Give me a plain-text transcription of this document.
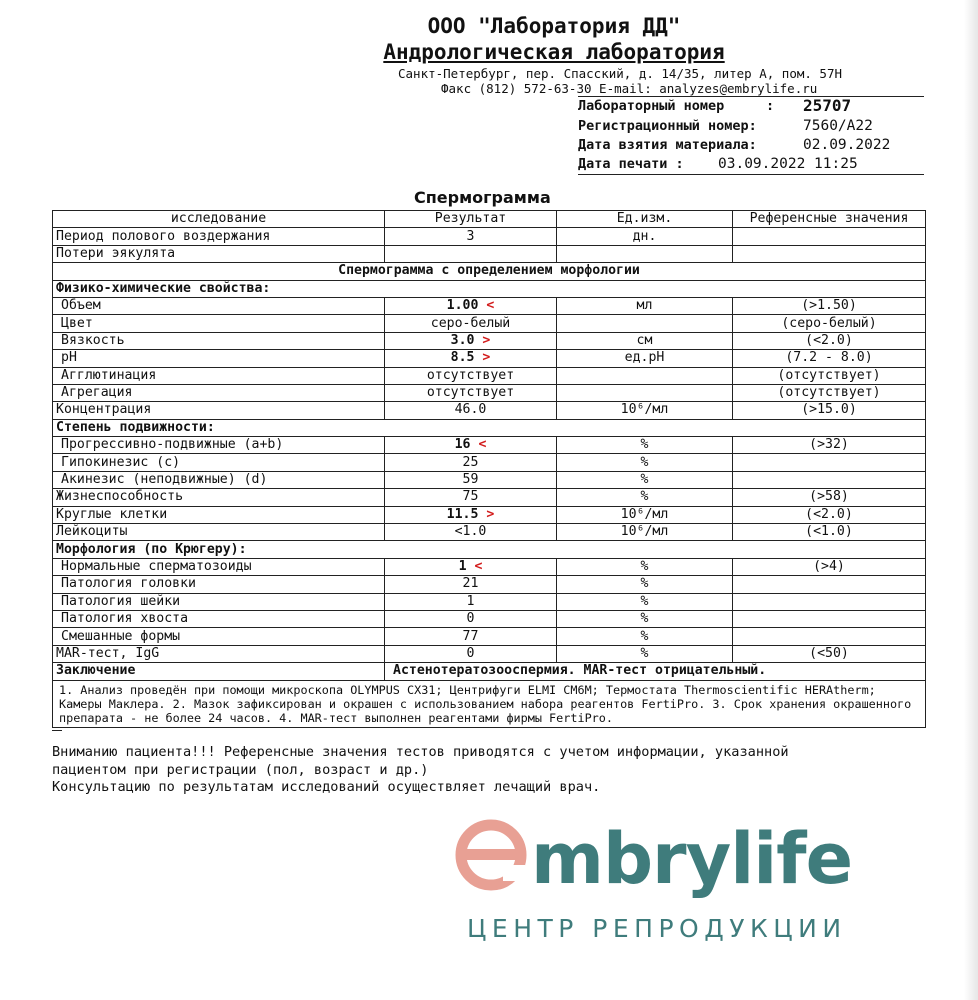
ООО "Лаборатория ДД"
Андрологическая лаборатория
Санкт-Петербург, пер. Спасский, д. 14/35, литер А, пом. 57Н
Факс (812) 572-63-30 E-mail: analyzes@embrylife.ru
Лабораторный номер	: 25707
Регистрационный номер:	7560/A22
Дата взятия материала:	02.09.2022
Дата печати : 03.09.2022 11:25
Спермограмма
исследование	Результат	Ед.изм.	Референсные значения
Период полового воздержания	3	дн.	
Потери эякулята			
Спермограмма с определением морфологии			
Физико-химические свойства:			
Объем	1.00 <	мл	(>1.50)
Цвет	серо-белый		(серо-белый)
Вязкость	3.0 >	см	(<2.0)
pH	8.5 >	ед.pH	(7.2 - 8.0)
Агглютинация	отсутствует		(отсутствует)
Агрегация	отсутствует		(отсутствует)
Концентрация	46.0	10⁶/мл	(>15.0)
Степень подвижности:			
Прогрессивно-подвижные (a+b)	16 <	%	(>32)
Гипокинезис (c)	25	%	
Акинезис (неподвижные) (d)	59	%	
Жизнеспособность	75	%	(>58)
Круглые клетки	11.5 >	10⁶/мл	(<2.0)
Лейкоциты	<1.0	10⁶/мл	(<1.0)
Морфология (по Крюгеру):			
Нормальные сперматозоиды	1 <	%	(>4)
Патология головки	21	%	
Патология шейки	1	%	
Патология хвоста	0	%	
Смешанные формы	77	%	
MAR-тест, IgG	0	%	(<50)
Заключение	Астенотератозооспермия. MAR-тест отрицательный.		
1. Анализ проведён при помощи микроскопа OLYMPUS CX31; Центрифуги ELMI CM6M; Термостата Thermoscientific HERAtherm; Камеры Маклера. 2. Мазок зафиксирован и окрашен с использованием набора реагентов FertiPro. 3. Срок хранения окрашенного препарата - не более 24 часов. 4. MAR-тест выполнен реагентами фирмы FertiPro.			
Вниманию пациента!!! Референсные значения тестов приводятся с учетом информации, указанной
пациентом при регистрации (пол, возраст и др.)
Консультацию по результатам исследований осуществляет лечащий врач.
mbrylife
ЦЕНТР РЕПРОДУКЦИИ
